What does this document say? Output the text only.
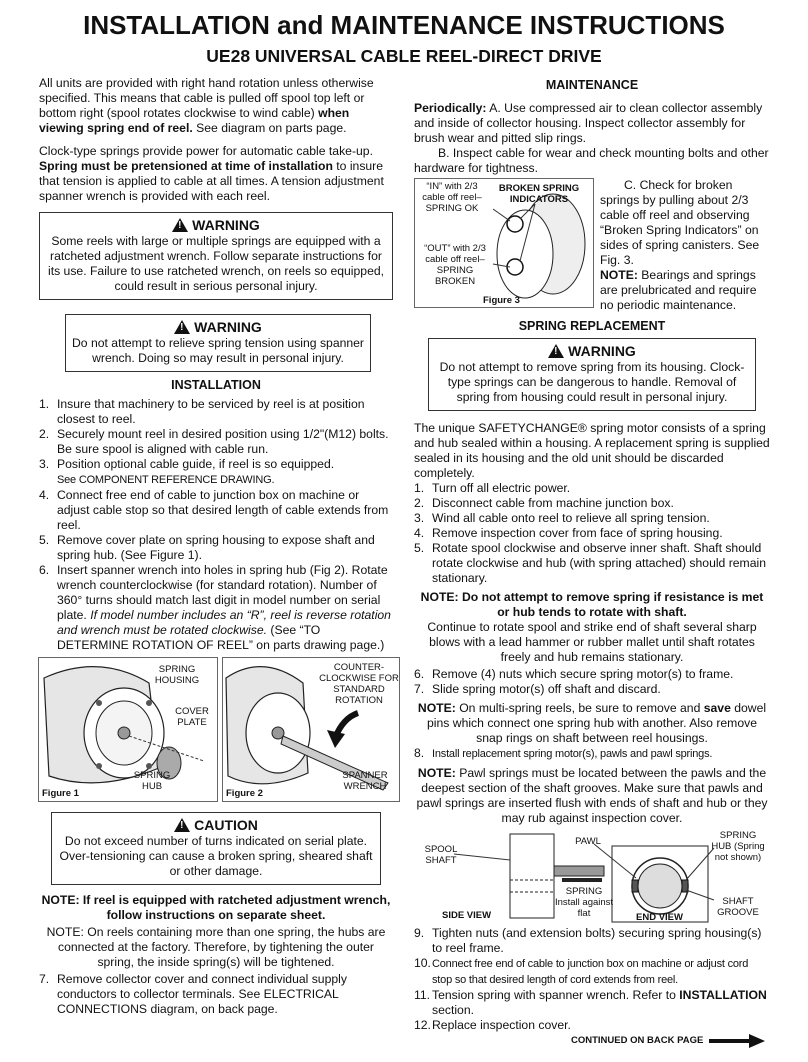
INSTALLATION and MAINTENANCE INSTRUCTIONS
UE28 UNIVERSAL CABLE REEL-DIRECT DRIVE

All units are provided with right hand rotation unless otherwise specified. This means that cable is pulled off spool top left or bottom right (spool rotates clockwise to wind cable) when viewing spring end of reel. See diagram on parts page.

Clock-type springs provide power for automatic cable take-up. Spring must be pretensioned at time of installation to insure that tension is applied to cable at all times. A tension adjustment spanner wrench is provided with each reel.

!
WARNING
Some reels with large or multiple springs are equipped with a ratcheted adjustment wrench. Follow separate instructions for its use. Failure to use ratcheted wrench, on reels so equipped, could result in serious personal injury.
!
WARNING
Do not attempt to relieve spring tension using spanner wrench. Doing so may result in personal injury.
INSTALLATION
1. Insure that machinery to be serviced by reel is at position closest to reel.
2. Securely mount reel in desired position using 1/2"(M12) bolts. Be sure spool is aligned with cable run.
3. Position optional cable guide, if reel is so equipped.
See COMPONENT REFERENCE DRAWING.
4. Connect free end of cable to junction box on machine or adjust cable stop so that desired length of cable extends from reel.
5. Remove cover plate on spring housing to expose shaft and spring hub. (See Figure 1).
6. Insert spanner wrench into holes in spring hub (Fig 2). Rotate wrench counterclockwise (for standard rotation). Number of 360° turns should match last digit in model number on serial plate. If model number includes an “R”, reel is reverse rotation and wrench must be rotated clockwise. (See “TO DETERMINE ROTATION OF REEL” on parts drawing page.)
SPRING HOUSING
COVER PLATE
SPRING HUB
Figure 1
COUNTER-CLOCKWISE FOR STANDARD ROTATION
SPANNER WRENCH
Figure 2
!
CAUTION
Do not exceed number of turns indicated on serial plate. Over-tensioning can cause a broken spring, sheared shaft or other damage.

NOTE: If reel is equipped with ratcheted adjustment wrench, follow instructions on separate sheet.

NOTE: On reels containing more than one spring, the hubs are connected at the factory. Therefore, by tightening the outer spring, the inside spring(s) will be tightened.

7. Remove collector cover and connect individual supply conductors to collector terminals. See ELECTRICAL CONNECTIONS diagram, on back page.
MAINTENANCE

Periodically: A. Use compressed air to clean collector assembly and inside of collector housing. Inspect collector assembly for brush wear and pitted slip rings.

B. Inspect cable for wear and check mounting bolts and other hardware for tightness.

“IN” with 2/3 cable off reel– SPRING OK
“OUT” with 2/3 cable off reel– SPRING BROKEN
BROKEN SPRING INDICATORS
Figure 3
C. Check for broken springs by pulling about 2/3 cable off reel and observing “Broken Spring Indicators” on sides of spring canisters. See Fig. 3.
NOTE: Bearings and springs are prelubricated and require no periodic maintenance.
SPRING REPLACEMENT
!
WARNING
Do not attempt to remove spring from its housing. Clock-type springs can be dangerous to handle. Removal of spring from housing could result in personal injury.

The unique SAFETYCHANGE® spring motor consists of a spring and hub sealed within a housing. A replacement spring is supplied sealed in its housing and the old unit should be discarded completely.

1. Turn off all electric power.
2. Disconnect cable from machine junction box.
3. Wind all cable onto reel to relieve all spring tension.
4. Remove inspection cover from face of spring housing.
5. Rotate spool clockwise and observe inner shaft. Shaft should rotate clockwise and hub (with spring attached) should remain stationary.
NOTE: Do not attempt to remove spring if resistance is met or hub tends to rotate with shaft.
Continue to rotate spool and strike end of shaft several sharp blows with a lead hammer or rubber mallet until shaft rotates freely and hub remains stationary.
6. Remove (4) nuts which secure spring motor(s) to frame.
7. Slide spring motor(s) off shaft and discard.
NOTE: On multi-spring reels, be sure to remove and save dowel pins which connect one spring hub with another. Also remove snap rings on shaft between reel housings.
8. Install replacement spring motor(s), pawls and pawl springs.
NOTE: Pawl springs must be located between the pawls and the deepest section of the shaft grooves. Make sure that pawls and pawl springs are inserted flush with ends of shaft and hub or they may rub against inspection cover.
SPOOL SHAFT
PAWL
SPRING Install against flat
SIDE VIEW	END VIEW
SPRING HUB (Spring not shown)
SHAFT GROOVE
9. Tighten nuts (and extension bolts) securing spring housing(s) to reel frame.
10. Connect free end of cable to junction box on machine or adjust cord stop so that desired length of cord extends from reel.
11. Tension spring with spanner wrench. Refer to INSTALLATION section.
12. Replace inspection cover.
CONTINUED ON BACK PAGE
